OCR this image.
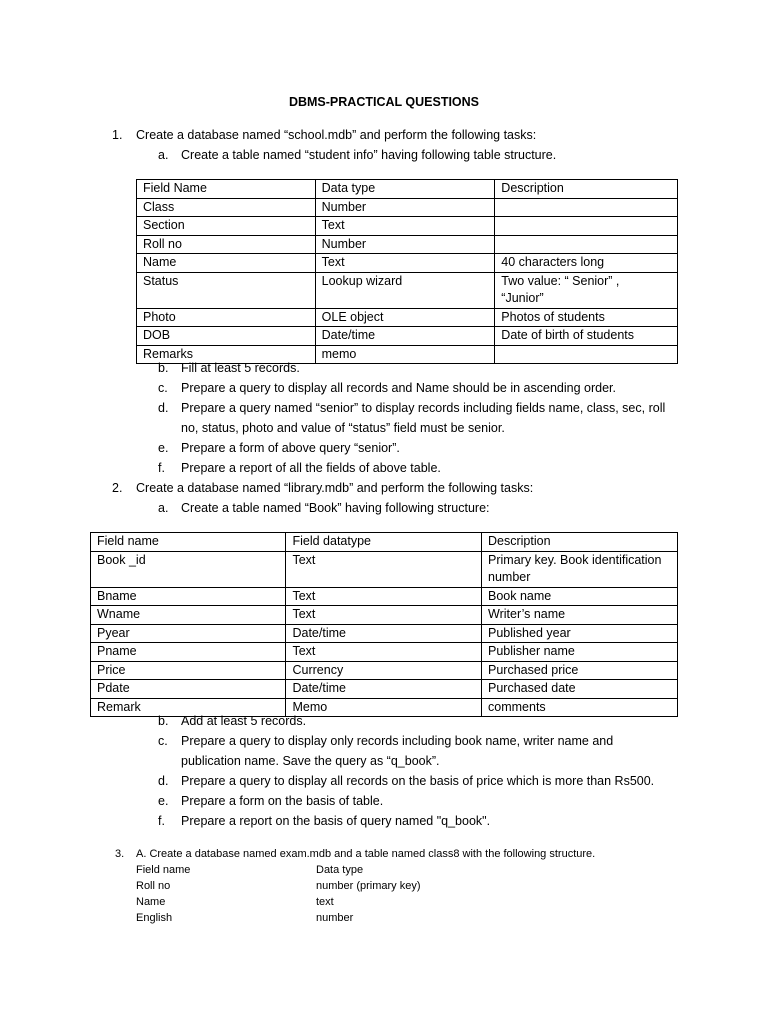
DBMS-PRACTICAL QUESTIONS
1. Create a database named “school.mdb” and perform the following tasks:
a. Create a table named “student info” having following table structure.
Field Name	Data type	Description
Class	Number	
Section	Text	
Roll no	Number	
Name	Text	40 characters long
Status	Lookup wizard	Two value: “ Senior” ,
“Junior”

Photo	OLE object	Photos of students
DOB	Date/time	Date of birth of students
Remarks	memo	
b. Fill at least 5 records.
c. Prepare a query to display all records and Name should be in ascending order.
d. Prepare a query named “senior” to display records including fields name, class, sec, roll
no, status, photo and value of “status” field must be senior.
e. Prepare a form of above query “senior”.
f. Prepare a report of all the fields of above table.
2. Create a database named “library.mdb” and perform the following tasks:
a. Create a table named “Book” having following structure:
Field name	Field datatype	Description
Book _id	Text	Primary key. Book identification
number

Bname	Text	Book name
Wname	Text	Writer’s name
Pyear	Date/time	Published year
Pname	Text	Publisher name
Price	Currency	Purchased price
Pdate	Date/time	Purchased date
Remark	Memo	comments
b. Add at least 5 records.
c. Prepare a query to display only records including book name, writer name and
publication name. Save the query as “q_book”.
d. Prepare a query to display all records on the basis of price which is more than Rs500.
e. Prepare a form on the basis of table.
f. Prepare a report on the basis of query named "q_book".
3. A. Create a database named exam.mdb and a table named class8 with the following structure.
Field name	Data type
Roll no	number (primary key)
Name	text
English	number
